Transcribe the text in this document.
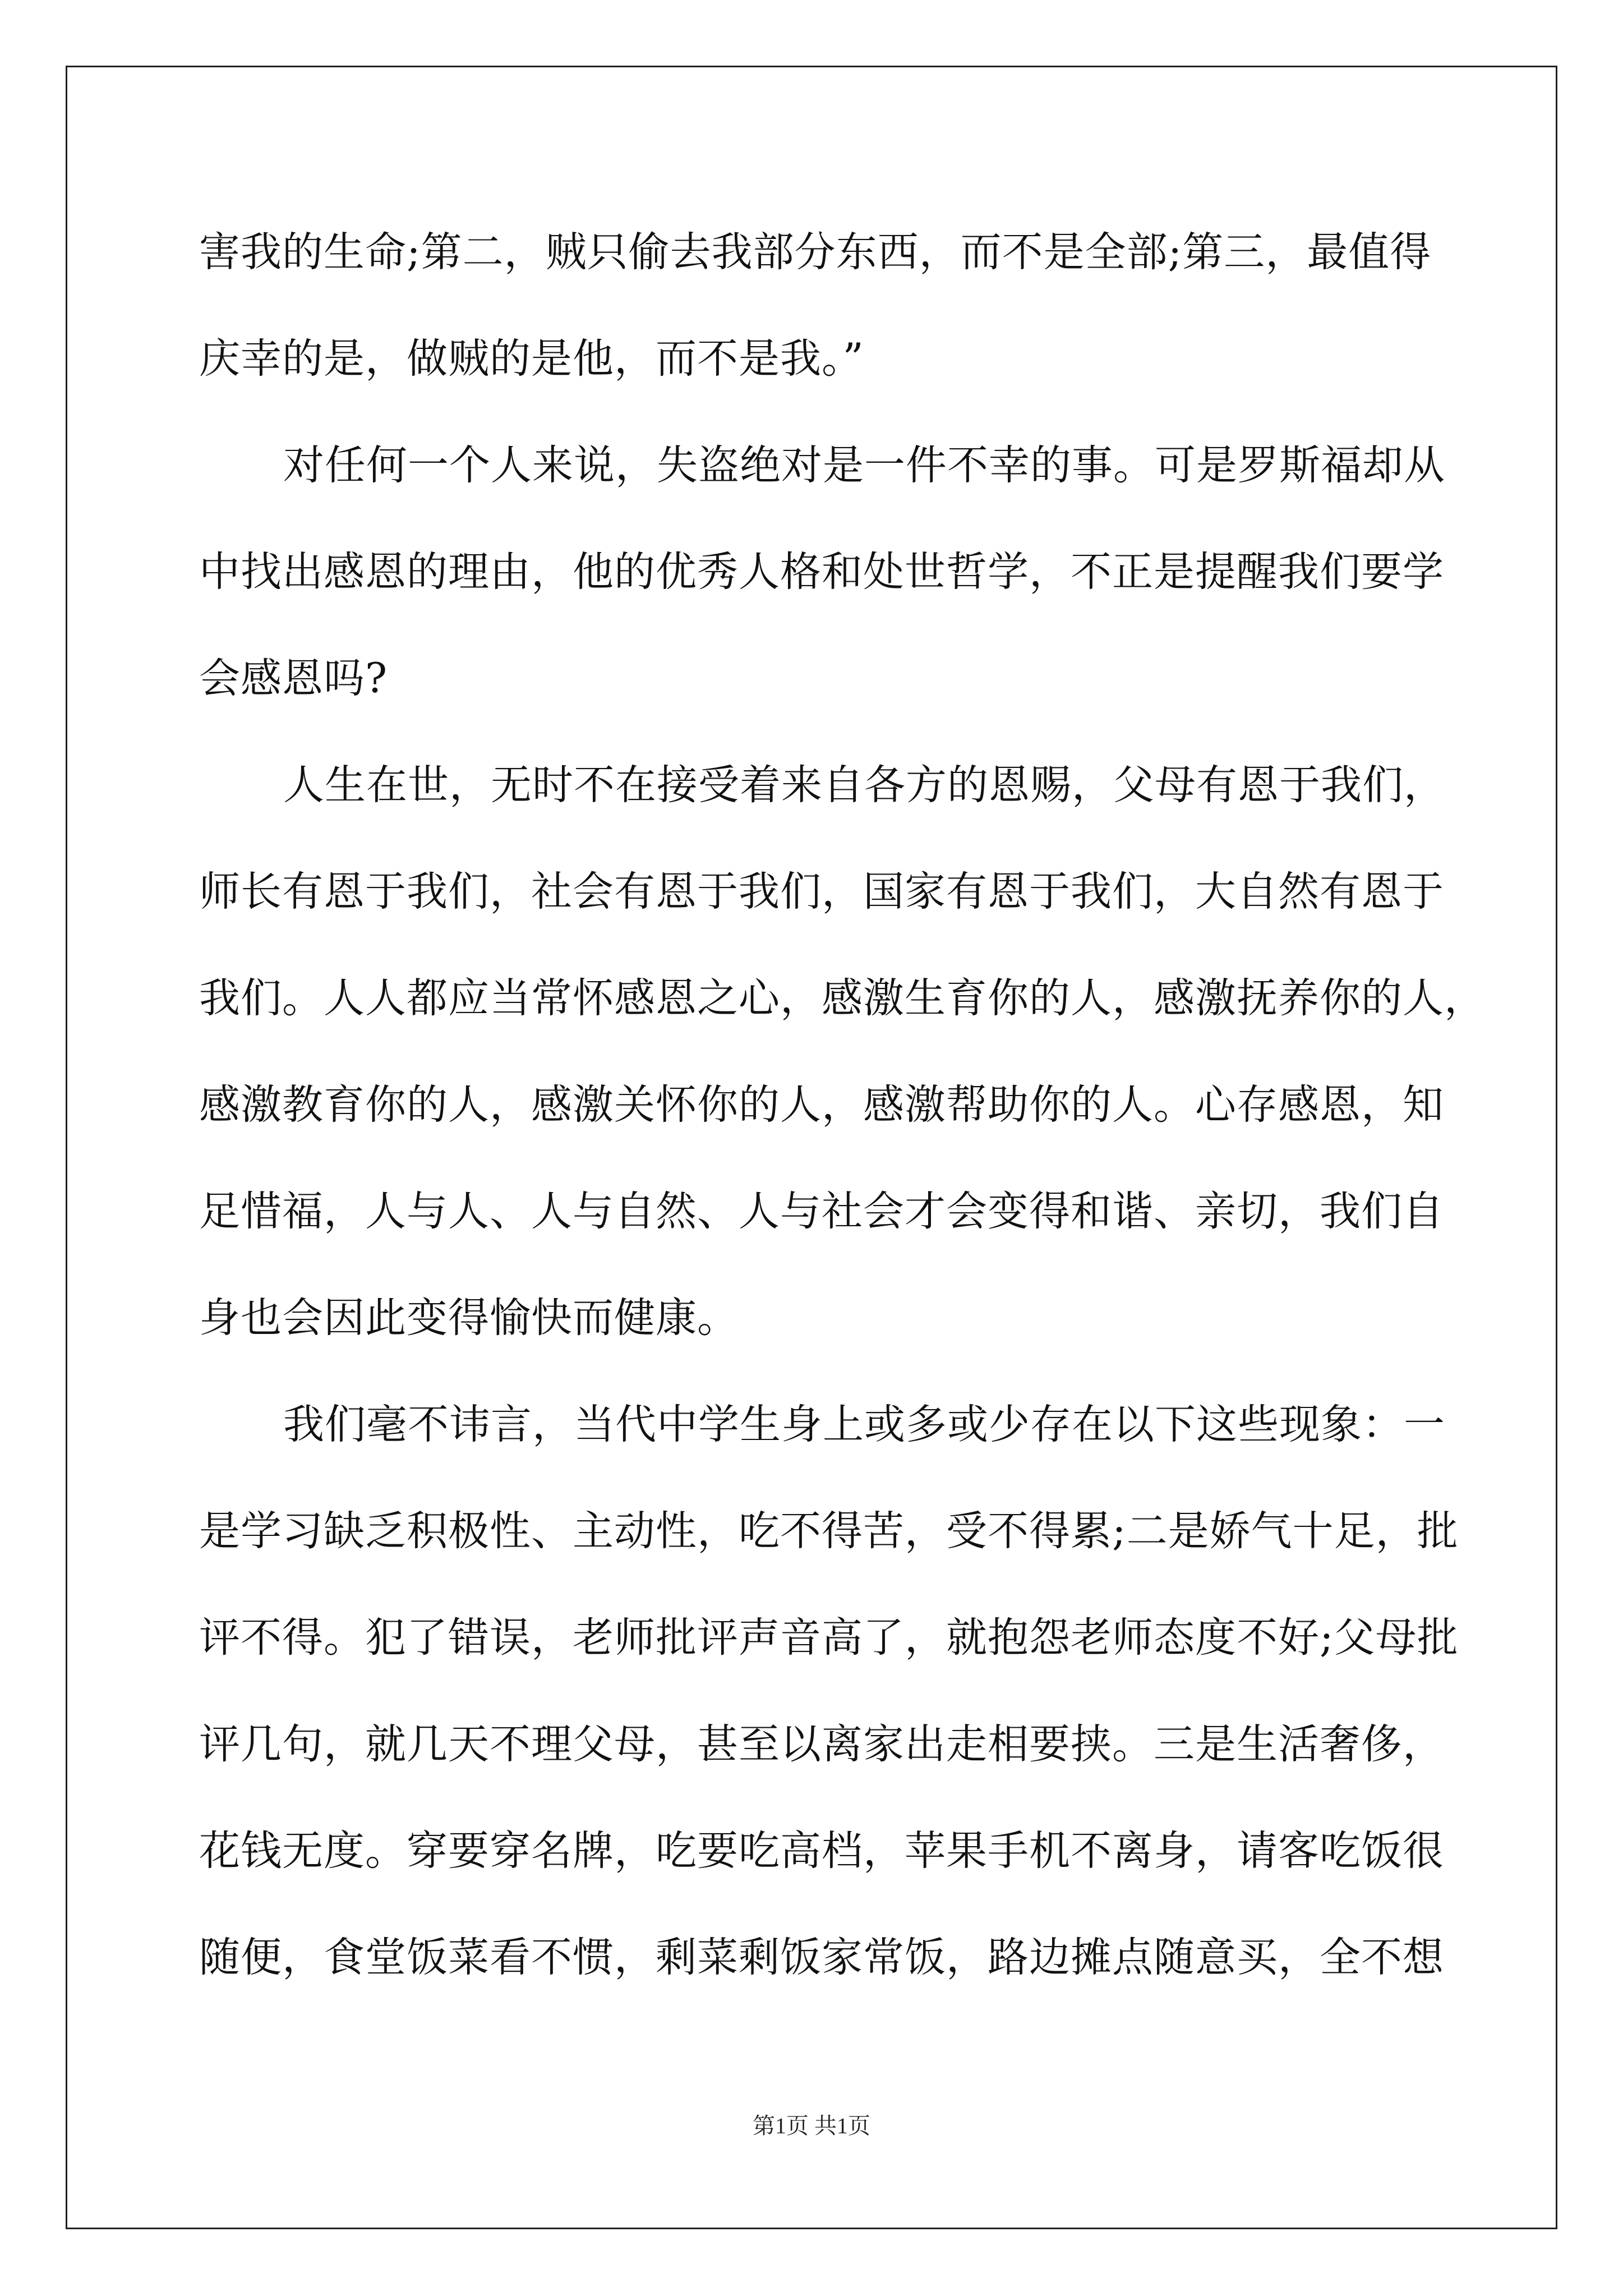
害我的生命;第二，贼只偷去我部分东西，而不是全部;第三，最值得
庆幸的是，做贼的是他，而不是我。”
对任何一个人来说，失盗绝对是一件不幸的事。可是罗斯福却从
中找出感恩的理由，他的优秀人格和处世哲学，不正是提醒我们要学
会感恩吗?
人生在世，无时不在接受着来自各方的恩赐，父母有恩于我们，
师长有恩于我们，社会有恩于我们，国家有恩于我们，大自然有恩于
我们。人人都应当常怀感恩之心，感激生育你的人，感激抚养你的人，
感激教育你的人，感激关怀你的人，感激帮助你的人。心存感恩，知
足惜福，人与人、人与自然、人与社会才会变得和谐、亲切，我们自
身也会因此变得愉快而健康。
我们毫不讳言，当代中学生身上或多或少存在以下这些现象：一
是学习缺乏积极性、主动性，吃不得苦，受不得累;二是娇气十足，批
评不得。犯了错误，老师批评声音高了，就抱怨老师态度不好;父母批
评几句，就几天不理父母，甚至以离家出走相要挟。三是生活奢侈，
花钱无度。穿要穿名牌，吃要吃高档，苹果手机不离身，请客吃饭很
随便，食堂饭菜看不惯，剩菜剩饭家常饭，路边摊点随意买，全不想
第1页 共1页
